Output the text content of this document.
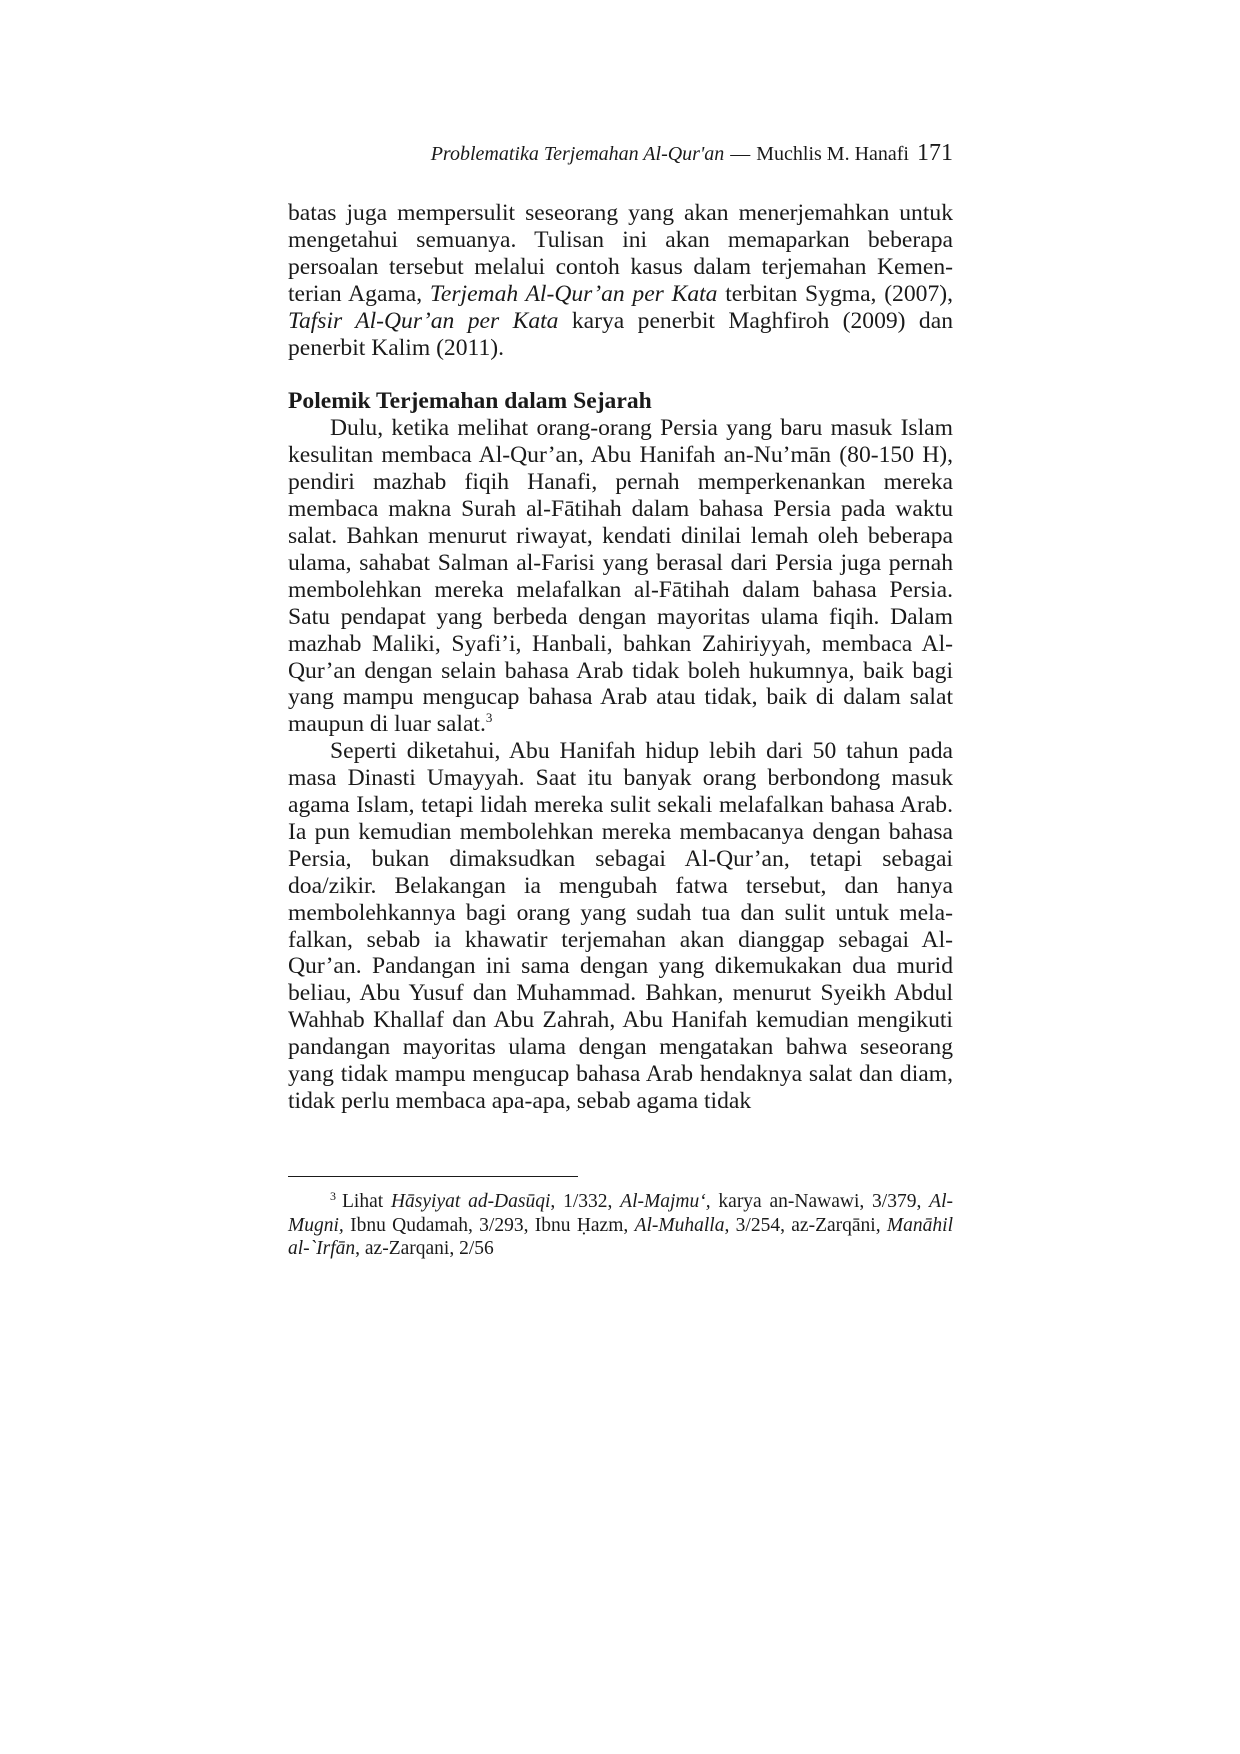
Problematika Terjemahan Al-Qur'an — Muchlis M. Hanafi 171

batas juga mempersulit seseorang yang akan menerjemahkan untuk mengetahui semuanya. Tulisan ini akan memaparkan beberapa persoalan tersebut melalui contoh kasus dalam terjemahan Kementerian Agama, Terjemah Al-Qur’an per Kata terbitan Sygma, (2007), Tafsir Al-Qur’an per Kata karya penerbit Maghfiroh (2009) dan penerbit Kalim (2011).

Polemik Terjemahan dalam Sejarah

Dulu, ketika melihat orang-orang Persia yang baru masuk Islam kesulitan membaca Al-Qur’an, Abu Hanifah an-Nu’mān (80-150 H), pendiri mazhab fiqih Hanafi, pernah memperkenankan mereka membaca makna Surah al-Fātihah dalam bahasa Persia pada waktu salat. Bahkan menurut riwayat, kendati dinilai lemah oleh beberapa ulama, sahabat Salman al-Farisi yang berasal dari Persia juga pernah membolehkan mereka melafalkan al-Fātihah dalam bahasa Persia. Satu pendapat yang berbeda dengan mayoritas ulama fiqih. Dalam mazhab Maliki, Syafi’i, Hanbali, bahkan Zahiriyyah, membaca Al-Qur’an dengan selain bahasa Arab tidak boleh hukumnya, baik bagi yang mampu mengucap bahasa Arab atau tidak, baik di dalam salat maupun di luar salat.$^3$

Seperti diketahui, Abu Hanifah hidup lebih dari 50 tahun pada masa Dinasti Umayyah. Saat itu banyak orang berbondong masuk agama Islam, tetapi lidah mereka sulit sekali melafalkan bahasa Arab. Ia pun kemudian membolehkan mereka membacanya dengan bahasa Persia, bukan dimaksudkan sebagai Al-Qur’an, tetapi sebagai doa/zikir. Belakangan ia mengubah fatwa tersebut, dan hanya membolehkannya bagi orang yang sudah tua dan sulit untuk melafalkan, sebab ia khawatir terjemahan akan dianggap sebagai Al-Qur’an. Pandangan ini sama dengan yang dikemukakan dua murid beliau, Abu Yusuf dan Muhammad. Bahkan, menurut Syeikh Abdul Wahhab Khallaf dan Abu Zahrah, Abu Hanifah kemudian mengikuti pandangan mayoritas ulama dengan mengatakan bahwa seseorang yang tidak mampu mengucap bahasa Arab hendaknya salat dan diam, tidak perlu membaca apa-apa, sebab agama tidak

$^3$ Lihat Hāsyiyat ad-Dasūqi, 1/332, Al-Majmu‘, karya an-Nawawi, 3/379, Al-Mugni, Ibnu Qudamah, 3/293, Ibnu Ḥazm, Al-Muhalla, 3/254, az-Zarqāni, Manāhil al-`Irfān, az-Zarqani, 2/56
